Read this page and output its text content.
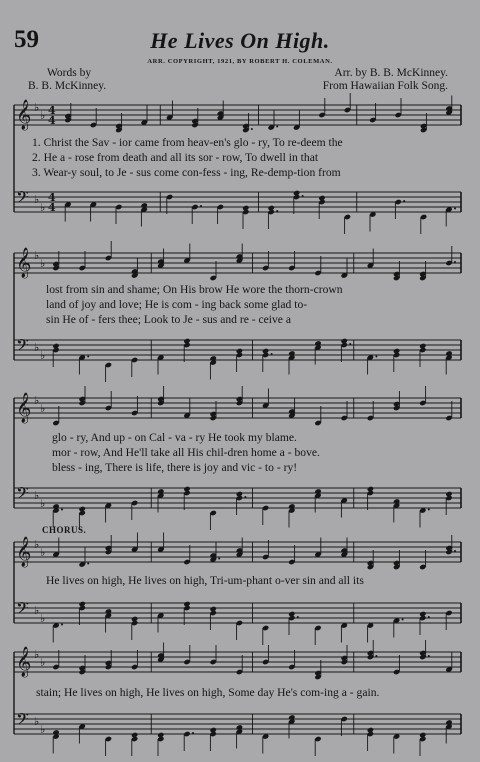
59	He Lives On High.
ARR. COPYRIGHT, 1921, BY ROBERT H. COLEMAN.
Words by
B. B. McKinney.
Arr. by B. B. McKinney.
From Hawaiian Folk Song.
𝄞 ♭
♭ 4
4
𝄢 ♭
♭
4
4
𝄞 ♭
♭
𝄢 ♭
♭
𝄞 ♭
♭
𝄢 ♭
♭
𝄞 ♭
♭
𝄢 ♭
♭
𝄞 ♭
♭
𝄢 ♭
♭
1. Christ the Sav - ior came from heav-en's glo - ry, To re-deem the
2. He a - rose from death and all its sor - row, To dwell in that
3. Wear-y soul, to Je - sus come con-fess - ing, Re-demp-tion from
lost from sin and shame; On His brow He wore the thorn-crown
land of joy and love; He is com - ing back some glad to-
sin He of - fers thee; Look to Je - sus and re - ceive a
glo - ry, And up - on Cal - va - ry He took my blame.
mor - row, And He'll take all His chil-dren home a - bove.
bless - ing, There is life, there is joy and vic - to - ry!
CHORUS.
He lives on high, He lives on high, Tri-um-phant o-ver sin and all its
stain; He lives on high, He lives on high, Some day He's com-ing a - gain.
